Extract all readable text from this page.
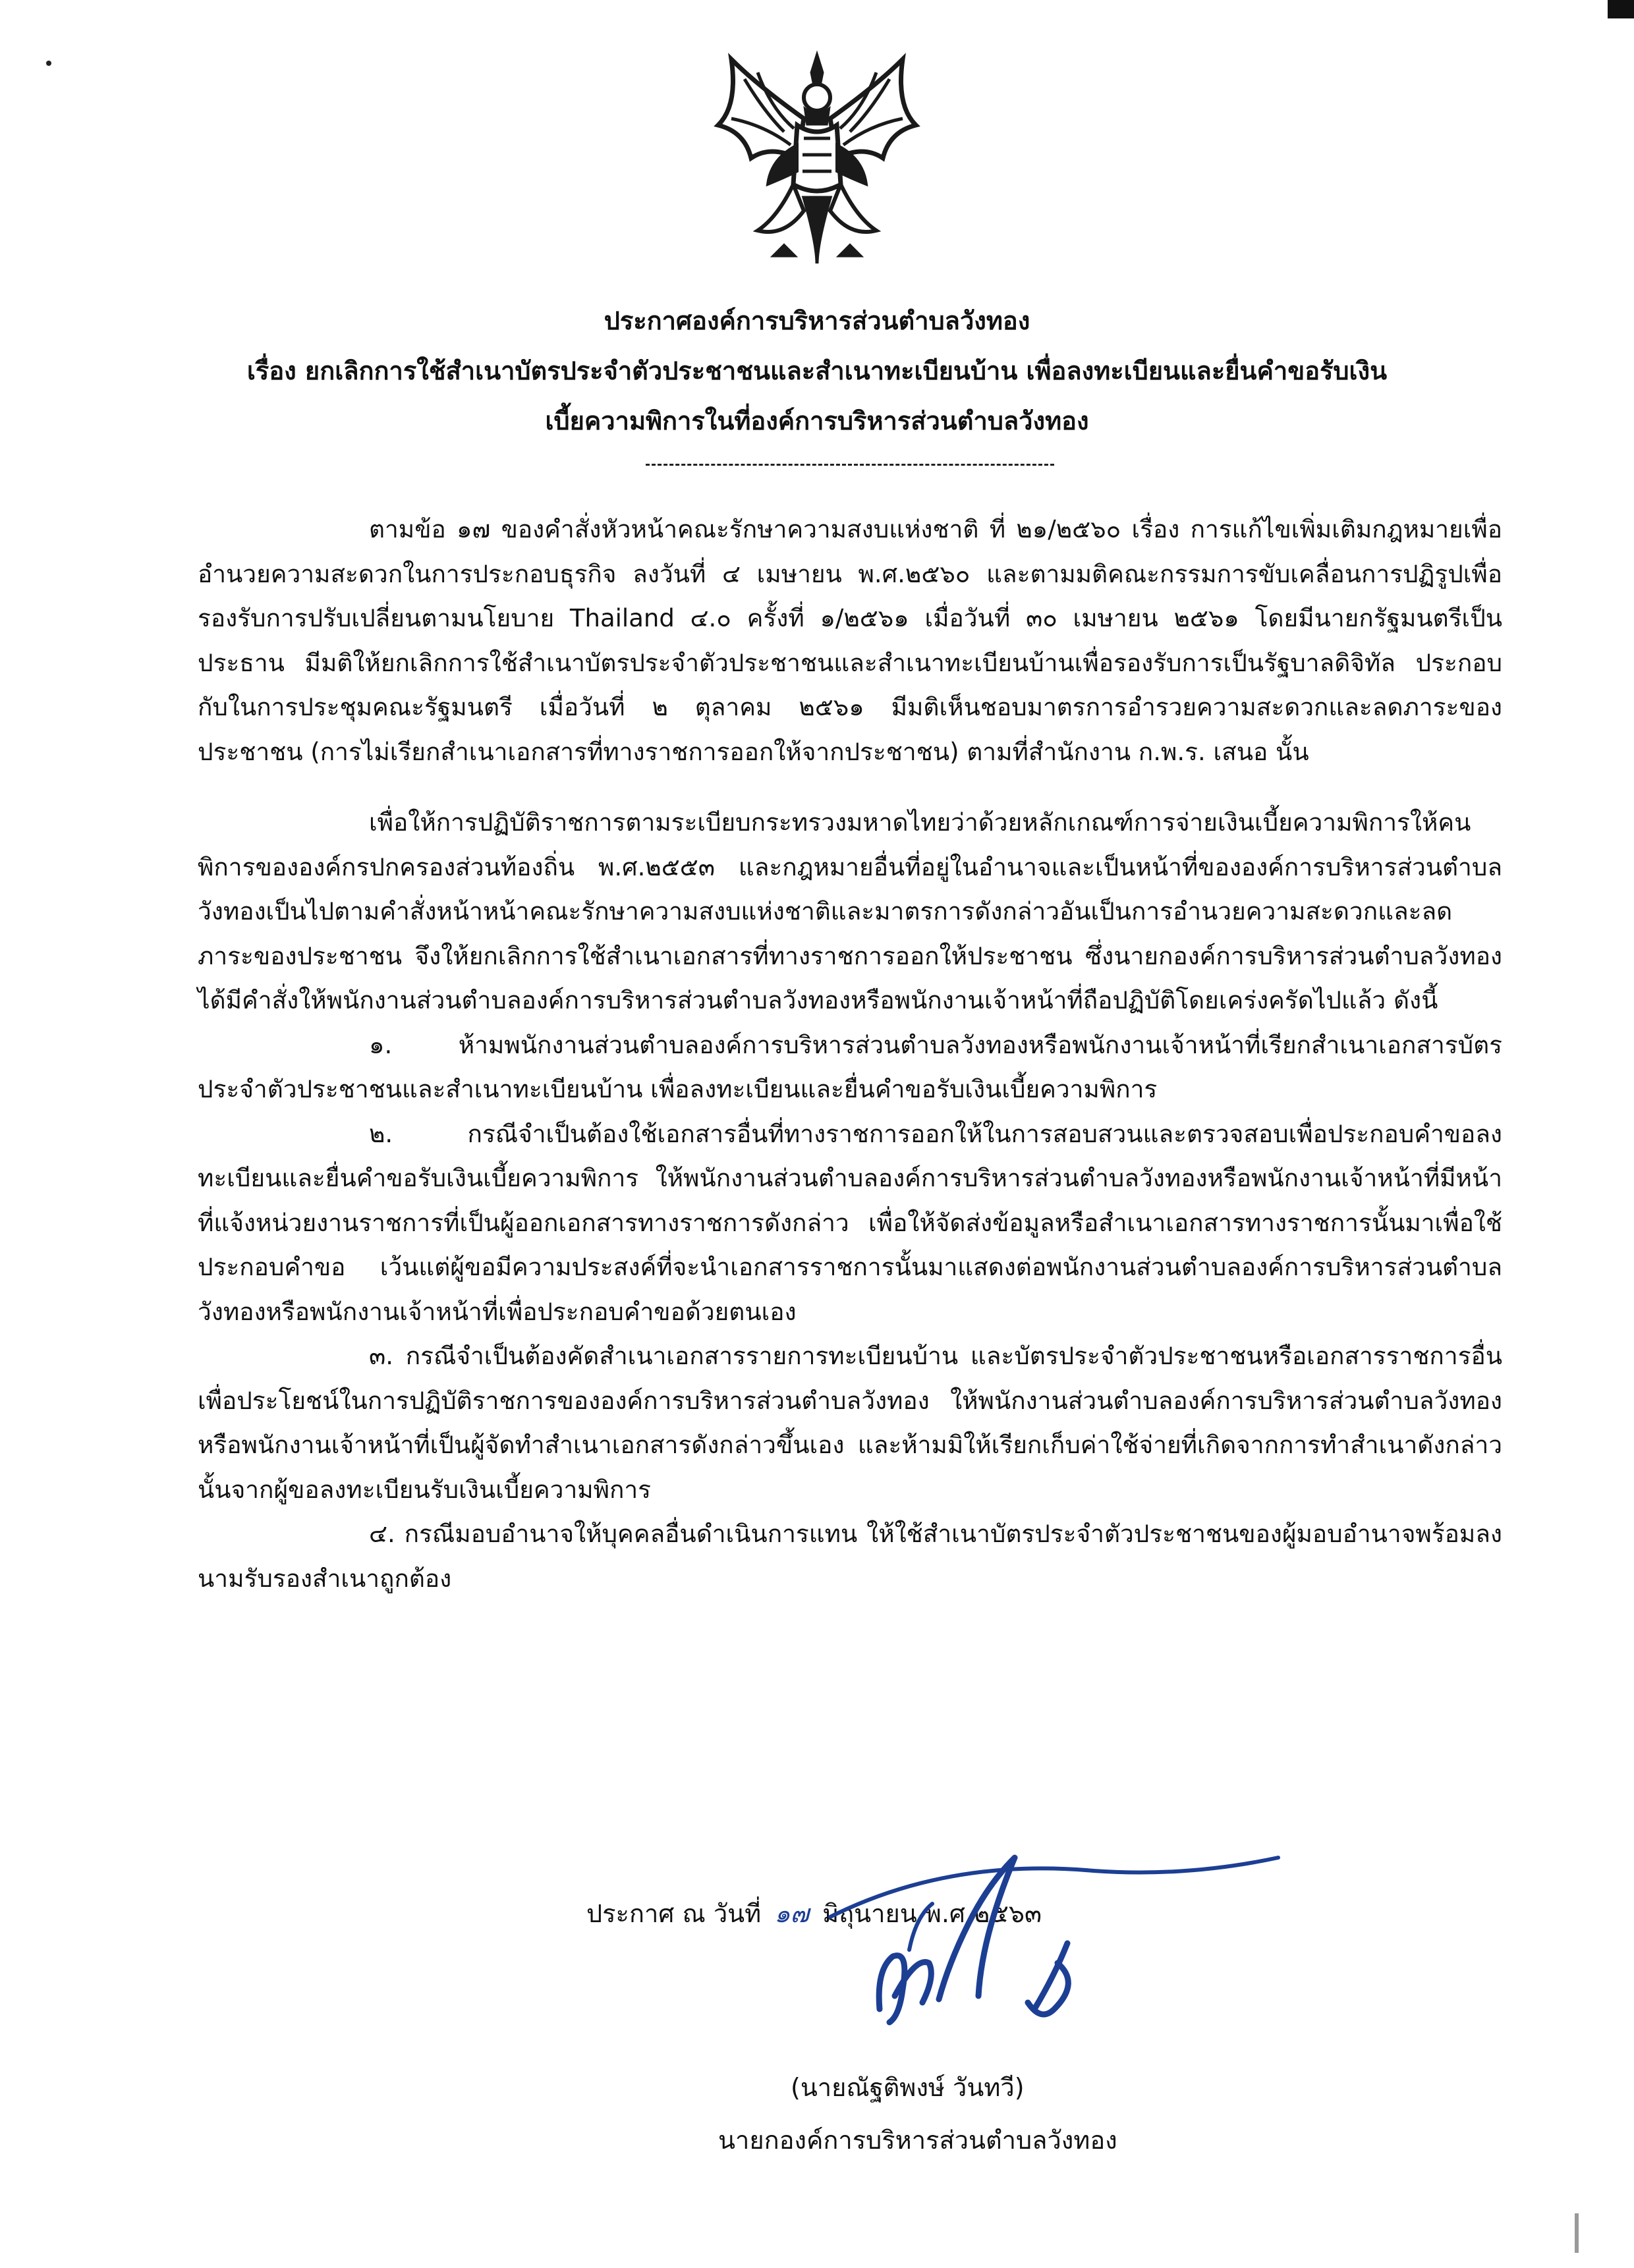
ประกาศองค์การบริหารส่วนตำบลวังทอง
เรื่อง ยกเลิกการใช้สำเนาบัตรประจำตัวประชาชนและสำเนาทะเบียนบ้าน เพื่อลงทะเบียนและยื่นคำขอรับเงิน
เบี้ยความพิการในที่องค์การบริหารส่วนตำบลวังทอง

ตามข้อ ๑๗ ของคำสั่งหัวหน้าคณะรักษาความสงบแห่งชาติ ที่ ๒๑/๒๕๖๐ เรื่อง การแก้ไขเพิ่มเติมกฎหมายเพื่ออำนวยความสะดวกในการประกอบธุรกิจ ลงวันที่ ๔ เมษายน พ.ศ.๒๕๖๐ และตามมติคณะกรรมการขับเคลื่อนการปฏิรูปเพื่อรองรับการปรับเปลี่ยนตามนโยบาย Thailand ๔.๐ ครั้งที่ ๑/๒๕๖๑ เมื่อวันที่ ๓๐ เมษายน ๒๕๖๑ โดยมีนายกรัฐมนตรีเป็นประธาน มีมติให้ยกเลิกการใช้สำเนาบัตรประจำตัวประชาชนและสำเนาทะเบียนบ้านเพื่อรองรับการเป็นรัฐบาลดิจิทัล ประกอบกับในการประชุมคณะรัฐมนตรี เมื่อวันที่ ๒ ตุลาคม ๒๕๖๑ มีมติเห็นชอบมาตรการอำรวยความสะดวกและลดภาระของประชาชน (การไม่เรียกสำเนาเอกสารที่ทางราชการออกให้จากประชาชน) ตามที่สำนักงาน ก.พ.ร. เสนอ นั้น

เพื่อให้การปฏิบัติราชการตามระเบียบกระทรวงมหาดไทยว่าด้วยหลักเกณฑ์การจ่ายเงินเบี้ยความพิการให้คนพิการขององค์กรปกครองส่วนท้องถิ่น พ.ศ.๒๕๕๓ และกฎหมายอื่นที่อยู่ในอำนาจและเป็นหน้าที่ขององค์การบริหารส่วนตำบลวังทองเป็นไปตามคำสั่งหน้าหน้าคณะรักษาความสงบแห่งชาติและมาตรการดังกล่าวอันเป็นการอำนวยความสะดวกและลดภาระของประชาชน จึงให้ยกเลิกการใช้สำเนาเอกสารที่ทางราชการออกให้ประชาชน ซึ่งนายกองค์การบริหารส่วนตำบลวังทอง ได้มีคำสั่งให้พนักงานส่วนตำบลองค์การบริหารส่วนตำบลวังทองหรือพนักงานเจ้าหน้าที่ถือปฏิบัติโดยเคร่งครัดไปแล้ว ดังนี้

๑. ห้ามพนักงานส่วนตำบลองค์การบริหารส่วนตำบลวังทองหรือพนักงานเจ้าหน้าที่เรียกสำเนาเอกสารบัตรประจำตัวประชาชนและสำเนาทะเบียนบ้าน เพื่อลงทะเบียนและยื่นคำขอรับเงินเบี้ยความพิการ

๒. กรณีจำเป็นต้องใช้เอกสารอื่นที่ทางราชการออกให้ในการสอบสวนและตรวจสอบเพื่อประกอบคำขอลงทะเบียนและยื่นคำขอรับเงินเบี้ยความพิการ ให้พนักงานส่วนตำบลองค์การบริหารส่วนตำบลวังทองหรือพนักงานเจ้าหน้าที่มีหน้าที่แจ้งหน่วยงานราชการที่เป็นผู้ออกเอกสารทางราชการดังกล่าว เพื่อให้จัดส่งข้อมูลหรือสำเนาเอกสารทางราชการนั้นมาเพื่อใช้ประกอบคำขอ เว้นแต่ผู้ขอมีความประสงค์ที่จะนำเอกสารราชการนั้นมาแสดงต่อพนักงานส่วนตำบลองค์การบริหารส่วนตำบลวังทองหรือพนักงานเจ้าหน้าที่เพื่อประกอบคำขอด้วยตนเอง

๓. กรณีจำเป็นต้องคัดสำเนาเอกสารรายการทะเบียนบ้าน และบัตรประจำตัวประชาชนหรือเอกสารราชการอื่นเพื่อประโยชน์ในการปฏิบัติราชการขององค์การบริหารส่วนตำบลวังทอง ให้พนักงานส่วนตำบลองค์การบริหารส่วนตำบลวังทองหรือพนักงานเจ้าหน้าที่เป็นผู้จัดทำสำเนาเอกสารดังกล่าวขึ้นเอง และห้ามมิให้เรียกเก็บค่าใช้จ่ายที่เกิดจากการทำสำเนาดังกล่าวนั้นจากผู้ขอลงทะเบียนรับเงินเบี้ยความพิการ

๔. กรณีมอบอำนาจให้บุคคลอื่นดำเนินการแทน ให้ใช้สำเนาบัตรประจำตัวประชาชนของผู้มอบอำนาจพร้อมลงนามรับรองสำเนาถูกต้อง

ประกาศ ณ วันที่ ๑๗ มิถุนายน พ.ศ.๒๕๖๓
(นายณัฐติพงษ์ วันทวี)
นายกองค์การบริหารส่วนตำบลวังทอง
